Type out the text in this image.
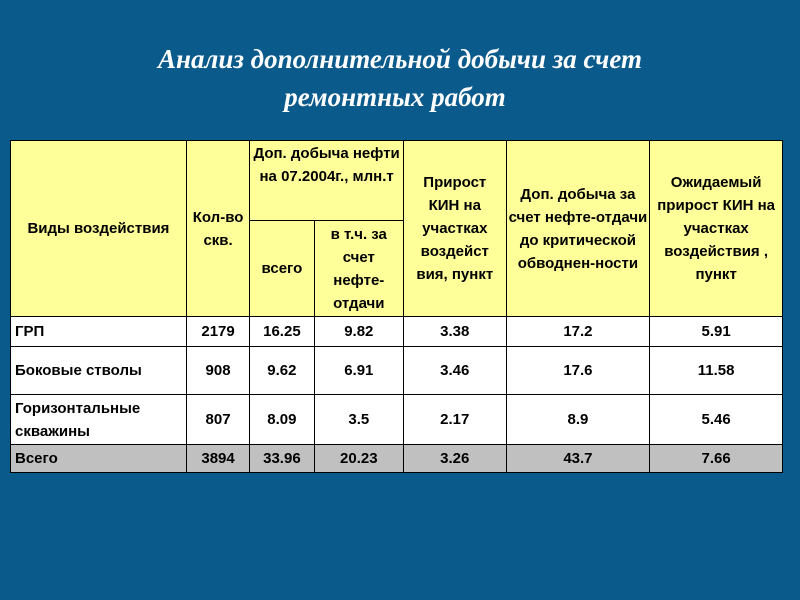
Анализ дополнительной добычи за счет
ремонтных работ
Виды воздействия	Кол-во скв.	Доп. добыча нефти на 07.2004г., млн.т		Прирост КИН на участках воздейст вия, пункт	Доп. добыча за счет нефте-отдачи до критической обводнен-ности	Ожидаемый прирост КИН на участках воздействия , пункт
		всего	в т.ч. за счет нефте-отдачи			
ГРП	2179	16.25	9.82	3.38	17.2	5.91
Боковые стволы	908	9.62	6.91	3.46	17.6	11.58
Горизонтальные скважины	807	8.09	3.5	2.17	8.9	5.46
Всего	3894	33.96	20.23	3.26	43.7	7.66
